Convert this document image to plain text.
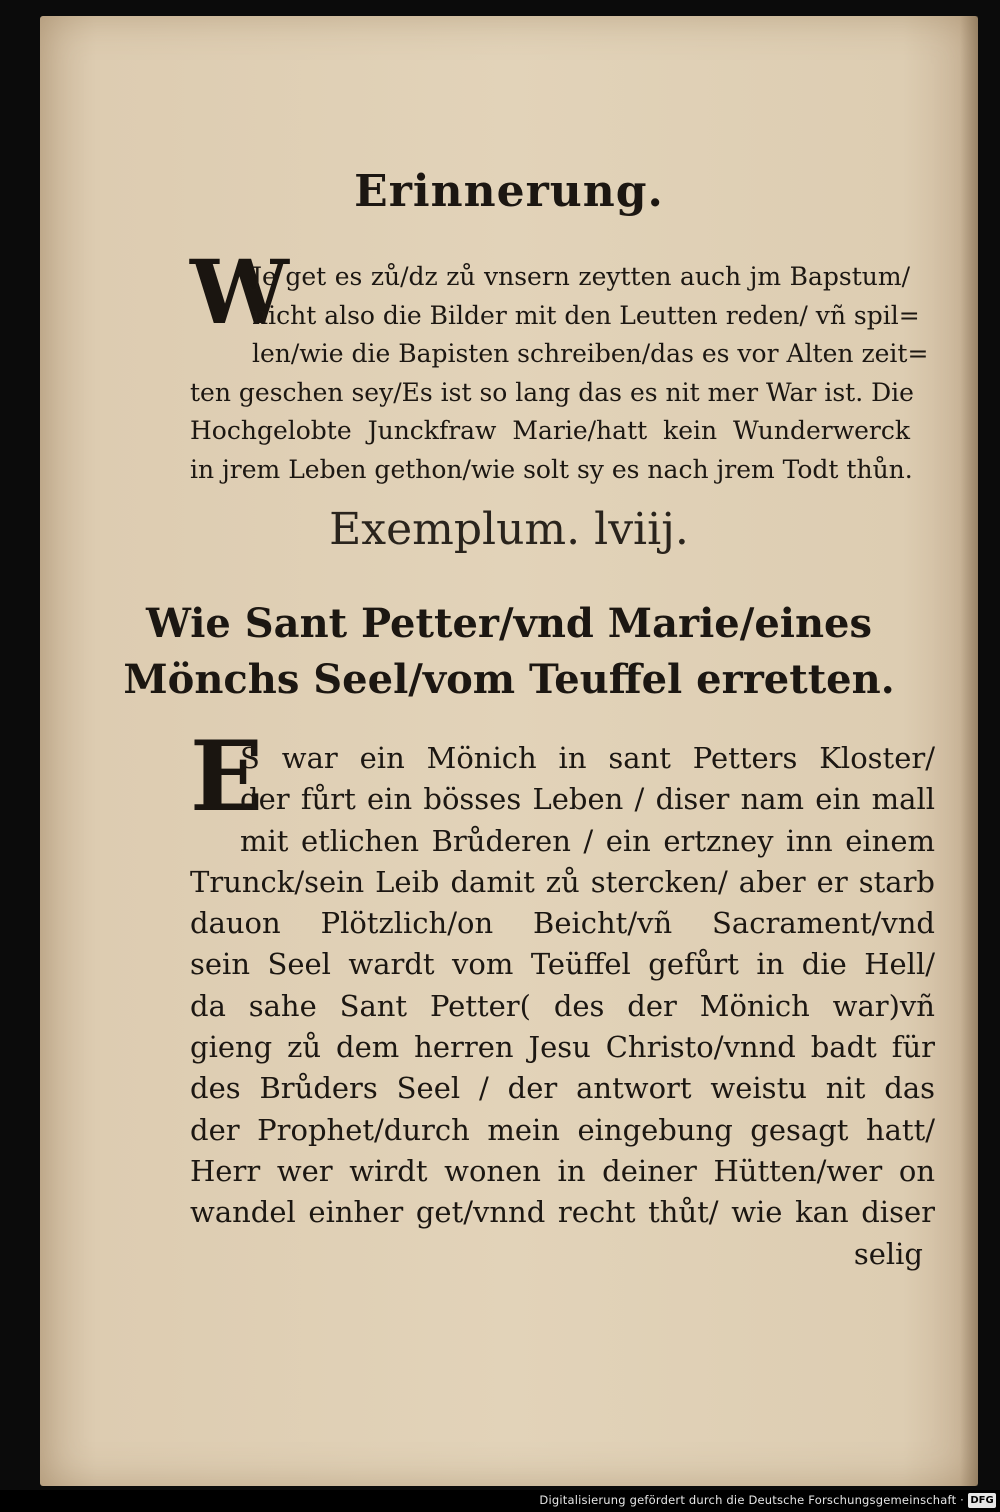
Erinnerung.
W
Je get es zů/dz zů vnsern zeytten auch jm Bapstum/
nicht also die Bilder mit den Leutten reden/ vñ spil=
len/wie die Bapisten schreiben/das es vor Alten zeit=
ten geschen sey/Es ist so lang das es nit mer War ist. Die
Hochgelobte Junckfraw Marie/hatt kein Wunderwerck
in jrem Leben gethon/wie solt sy es nach jrem Todt thůn.
Exemplum. lviij.
Wie Sant Petter/vnd Marie/eines
Mönchs Seel/vom Teuffel erretten.
E
S war ein Mönich in sant Petters Kloster/
der fůrt ein bösses Leben / diser nam ein mall
mit etlichen Brůderen / ein ertzney inn einem
Trunck/sein Leib damit zů stercken/ aber er starb
dauon Plötzlich/on Beicht/vñ Sacrament/vnd
sein Seel wardt vom Teüffel gefůrt in die Hell/
da sahe Sant Petter( des der Mönich war)vñ
gieng zů dem herren Jesu Christo/vnnd badt für
des Brůders Seel / der antwort weistu nit das
der Prophet/durch mein eingebung gesagt hatt/
Herr wer wirdt wonen in deiner Hütten/wer on
wandel einher get/vnnd recht thůt/ wie kan diser
selig
Digitalisierung gefördert durch die Deutsche Forschungsgemeinschaft · DFG
